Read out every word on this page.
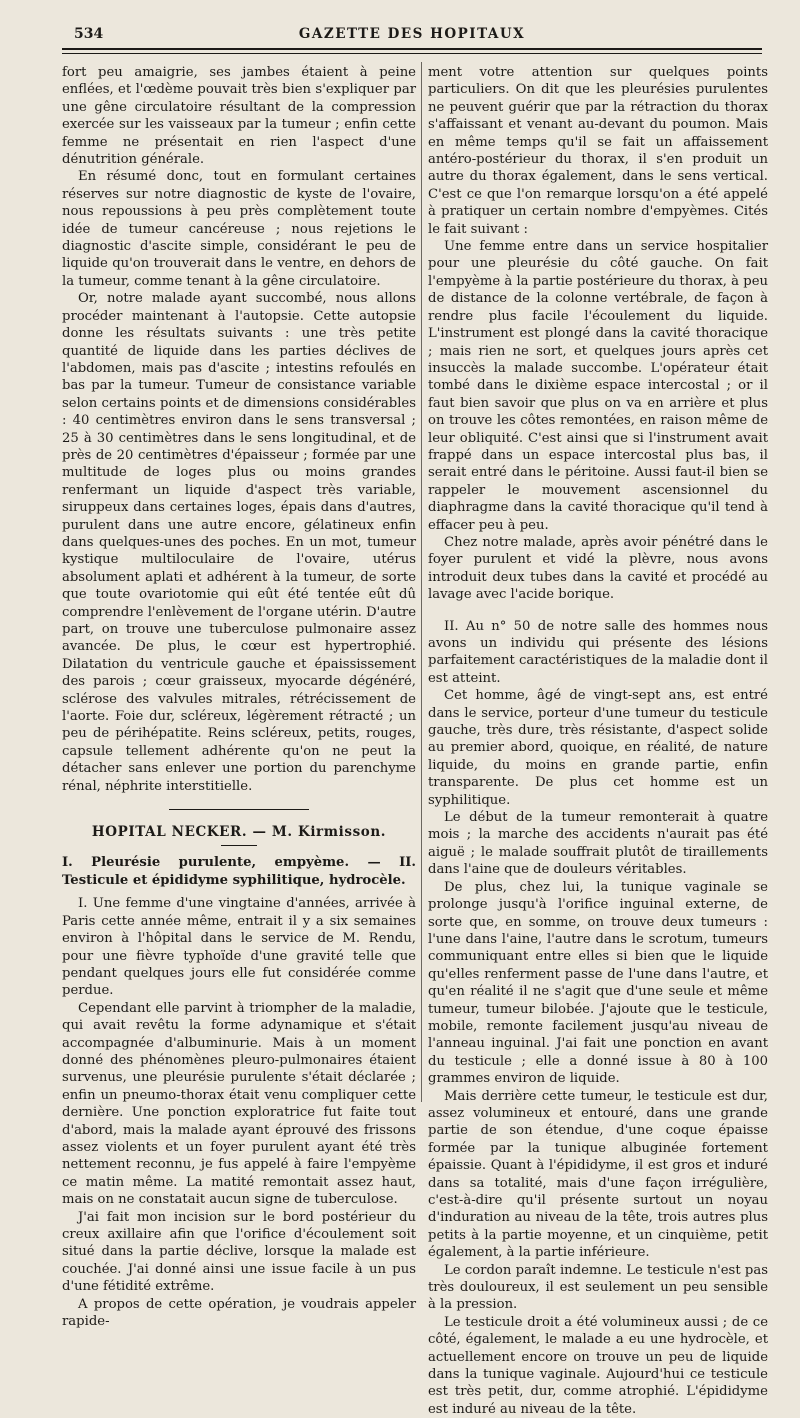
534	GAZETTE DES HOPITAUX

fort peu amaigrie, ses jambes étaient à peine enflées, et l'œdème pouvait très bien s'expliquer par une gêne circulatoire résultant de la compression exercée sur les vaisseaux par la tumeur ; enfin cette femme ne présentait en rien l'aspect d'une dénutrition générale.

En résumé donc, tout en formulant certaines réserves sur notre diagnostic de kyste de l'ovaire, nous repoussions à peu près complètement toute idée de tumeur cancéreuse ; nous rejetions le diagnostic d'ascite simple, considérant le peu de liquide qu'on trouverait dans le ventre, en dehors de la tumeur, comme tenant à la gêne circulatoire.

Or, notre malade ayant succombé, nous allons procéder maintenant à l'autopsie. Cette autopsie donne les résultats suivants : une très petite quantité de liquide dans les parties déclives de l'abdomen, mais pas d'ascite ; intestins refoulés en bas par la tumeur. Tumeur de consistance variable selon certains points et de dimensions considérables : 40 centimètres environ dans le sens transversal ; 25 à 30 centimètres dans le sens longitudinal, et de près de 20 centimètres d'épaisseur ; formée par une multitude de loges plus ou moins grandes renfermant un liquide d'aspect très variable, siruppeux dans certaines loges, épais dans d'autres, purulent dans une autre encore, gélatineux enfin dans quelques-unes des poches. En un mot, tumeur kystique multiloculaire de l'ovaire, utérus absolument aplati et adhérent à la tumeur, de sorte que toute ovariotomie qui eût été tentée eût dû comprendre l'enlèvement de l'organe utérin. D'autre part, on trouve une tuberculose pulmonaire assez avancée. De plus, le cœur est hypertrophié. Dilatation du ventricule gauche et épaississement des parois ; cœur graisseux, myocarde dégénéré, sclérose des valvules mitrales, rétrécissement de l'aorte. Foie dur, scléreux, légèrement rétracté ; un peu de périhépatite. Reins scléreux, petits, rouges, capsule tellement adhérente qu'on ne peut la détacher sans enlever une portion du parenchyme rénal, néphrite interstitielle.

HOPITAL NECKER. — M. Kirmisson.

I. Pleurésie purulente, empyème. — II. Testicule et épididyme syphilitique, hydrocèle.

I. Une femme d'une vingtaine d'années, arrivée à Paris cette année même, entrait il y a six semaines environ à l'hôpital dans le service de M. Rendu, pour une fièvre typhoïde d'une gravité telle que pendant quelques jours elle fut considérée comme perdue.

Cependant elle parvint à triompher de la maladie, qui avait revêtu la forme adynamique et s'était accompagnée d'albuminurie. Mais à un moment donné des phénomènes pleuro-pulmonaires étaient survenus, une pleurésie purulente s'était déclarée ; enfin un pneumo-thorax était venu compliquer cette dernière. Une ponction exploratrice fut faite tout d'abord, mais la malade ayant éprouvé des frissons assez violents et un foyer purulent ayant été très nettement reconnu, je fus appelé à faire l'empyème ce matin même. La matité remontait assez haut, mais on ne constatait aucun signe de tuberculose.

J'ai fait mon incision sur le bord postérieur du creux axillaire afin que l'orifice d'écoulement soit situé dans la partie déclive, lorsque la malade est couchée. J'ai donné ainsi une issue facile à un pus d'une fétidité extrême.

A propos de cette opération, je voudrais appeler rapide-

ment votre attention sur quelques points particuliers. On dit que les pleurésies purulentes ne peuvent guérir que par la rétraction du thorax s'affaissant et venant au-devant du poumon. Mais en même temps qu'il se fait un affaissement antéro-postérieur du thorax, il s'en produit un autre du thorax également, dans le sens vertical. C'est ce que l'on remarque lorsqu'on a été appelé à pratiquer un certain nombre d'empyèmes. Cités le fait suivant :

Une femme entre dans un service hospitalier pour une pleurésie du côté gauche. On fait l'empyème à la partie postérieure du thorax, à peu de distance de la colonne vertébrale, de façon à rendre plus facile l'écoulement du liquide. L'instrument est plongé dans la cavité thoracique ; mais rien ne sort, et quelques jours après cet insuccès la malade succombe. L'opérateur était tombé dans le dixième espace intercostal ; or il faut bien savoir que plus on va en arrière et plus on trouve les côtes remontées, en raison même de leur obliquité. C'est ainsi que si l'instrument avait frappé dans un espace intercostal plus bas, il serait entré dans le péritoine. Aussi faut-il bien se rappeler le mouvement ascensionnel du diaphragme dans la cavité thoracique qu'il tend à effacer peu à peu.

Chez notre malade, après avoir pénétré dans le foyer purulent et vidé la plèvre, nous avons introduit deux tubes dans la cavité et procédé au lavage avec l'acide borique.

II. Au n° 50 de notre salle des hommes nous avons un individu qui présente des lésions parfaitement caractéristiques de la maladie dont il est atteint.

Cet homme, âgé de vingt-sept ans, est entré dans le service, porteur d'une tumeur du testicule gauche, très dure, très résistante, d'aspect solide au premier abord, quoique, en réalité, de nature liquide, du moins en grande partie, enfin transparente. De plus cet homme est un syphilitique.

Le début de la tumeur remonterait à quatre mois ; la marche des accidents n'aurait pas été aiguë ; le malade souffrait plutôt de tiraillements dans l'aine que de douleurs véritables.

De plus, chez lui, la tunique vaginale se prolonge jusqu'à l'orifice inguinal externe, de sorte que, en somme, on trouve deux tumeurs : l'une dans l'aine, l'autre dans le scrotum, tumeurs communiquant entre elles si bien que le liquide qu'elles renferment passe de l'une dans l'autre, et qu'en réalité il ne s'agit que d'une seule et même tumeur, tumeur bilobée. J'ajoute que le testicule, mobile, remonte facilement jusqu'au niveau de l'anneau inguinal. J'ai fait une ponction en avant du testicule ; elle a donné issue à 80 à 100 grammes environ de liquide.

Mais derrière cette tumeur, le testicule est dur, assez volumineux et entouré, dans une grande partie de son étendue, d'une coque épaisse formée par la tunique albuginée fortement épaissie. Quant à l'épididyme, il est gros et induré dans sa totalité, mais d'une façon irrégulière, c'est-à-dire qu'il présente surtout un noyau d'induration au niveau de la tête, trois autres plus petits à la partie moyenne, et un cinquième, petit également, à la partie inférieure.

Le cordon paraît indemne. Le testicule n'est pas très douloureux, il est seulement un peu sensible à la pression.

Le testicule droit a été volumineux aussi ; de ce côté, également, le malade a eu une hydrocèle, et actuellement encore on trouve un peu de liquide dans la tunique vaginale. Aujourd'hui ce testicule est très petit, dur, comme atrophié. L'épididyme est induré au niveau de la tête.
